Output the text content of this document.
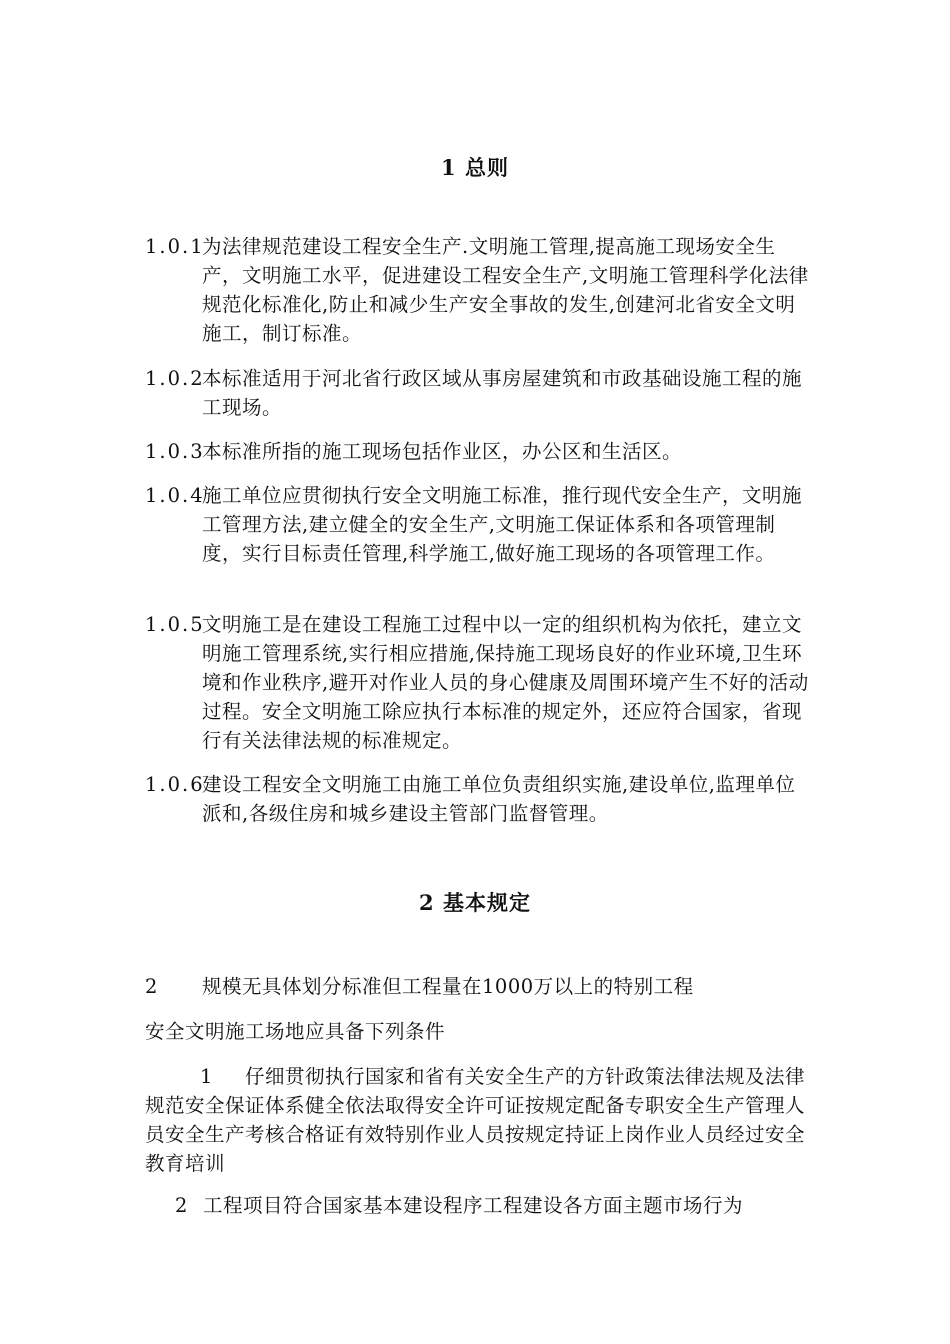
1 总则
1.0.1
为法律规范建设工程安全生产.文明施工管理,提高施工现场安全生产，文明施工水平，促进建设工程安全生产,文明施工管理科学化法律规范化标准化,防止和减少生产安全事故的发生,创建河北省安全文明施工，制订标准。
1.0.2
本标准适用于河北省行政区域从事房屋建筑和市政基础设施工程的施工现场。
1.0.3
本标准所指的施工现场包括作业区，办公区和生活区。
1.0.4
施工单位应贯彻执行安全文明施工标准，推行现代安全生产，文明施工管理方法,建立健全的安全生产,文明施工保证体系和各项管理制度，实行目标责任管理,科学施工,做好施工现场的各项管理工作。
1.0.5
文明施工是在建设工程施工过程中以一定的组织机构为依托，建立文明施工管理系统,实行相应措施,保持施工现场良好的作业环境,卫生环境和作业秩序,避开对作业人员的身心健康及周围环境产生不好的活动过程。安全文明施工除应执行本标准的规定外，还应符合国家，省现行有关法律法规的标准规定。
1.0.6
建设工程安全文明施工由施工单位负责组织实施,建设单位,监理单位派和,各级住房和城乡建设主管部门监督管理。
2 基本规定
2 规模无具体划分标准但工程量在1000万以上的特别工程
安全文明施工场地应具备下列条件
1 仔细贯彻执行国家和省有关安全生产的方针政策法律法规及法律规范安全保证体系健全依法取得安全许可证按规定配备专职安全生产管理人员安全生产考核合格证有效特别作业人员按规定持证上岗作业人员经过安全教育培训
2 工程项目符合国家基本建设程序工程建设各方面主题市场行为
